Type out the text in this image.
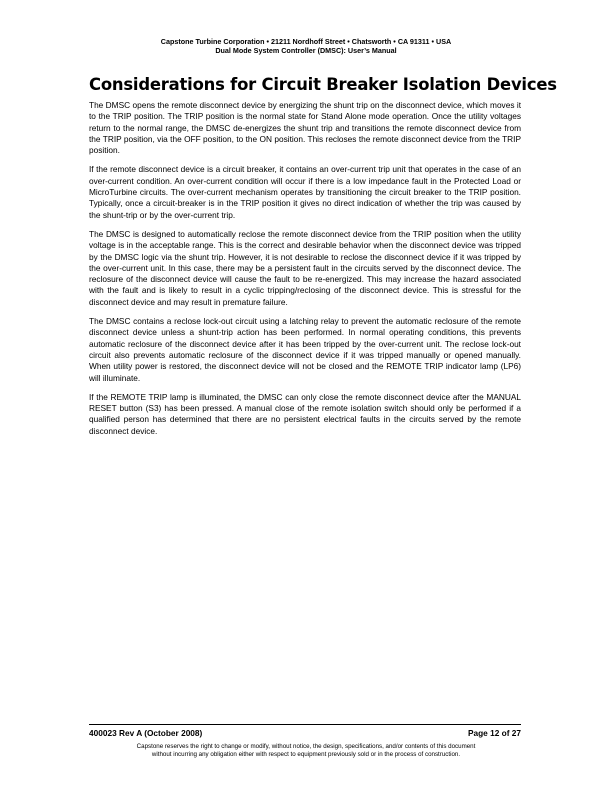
Capstone Turbine Corporation • 21211 Nordhoff Street • Chatsworth • CA 91311 • USA
Dual Mode System Controller (DMSC): User’s Manual
Considerations for Circuit Breaker Isolation Devices

The DMSC opens the remote disconnect device by energizing the shunt trip on the disconnect device, which moves it to the TRIP position. The TRIP position is the normal state for Stand Alone mode operation. Once the utility voltages return to the normal range, the DMSC de-energizes the shunt trip and transitions the remote disconnect device from the TRIP position, via the OFF position, to the ON position. This recloses the remote disconnect device from the TRIP position.

If the remote disconnect device is a circuit breaker, it contains an over-current trip unit that operates in the case of an over-current condition. An over-current condition will occur if there is a low impedance fault in the Protected Load or MicroTurbine circuits. The over-current mechanism operates by transitioning the circuit breaker to the TRIP position. Typically, once a circuit-breaker is in the TRIP position it gives no direct indication of whether the trip was caused by the shunt-trip or by the over-current trip.

The DMSC is designed to automatically reclose the remote disconnect device from the TRIP position when the utility voltage is in the acceptable range. This is the correct and desirable behavior when the disconnect device was tripped by the DMSC logic via the shunt trip. However, it is not desirable to reclose the disconnect device if it was tripped by the over-current unit. In this case, there may be a persistent fault in the circuits served by the disconnect device. The reclosure of the disconnect device will cause the fault to be re-energized. This may increase the hazard associated with the fault and is likely to result in a cyclic tripping/reclosing of the disconnect device. This is stressful for the disconnect device and may result in premature failure.

The DMSC contains a reclose lock-out circuit using a latching relay to prevent the automatic reclosure of the remote disconnect device unless a shunt-trip action has been performed. In normal operating conditions, this prevents automatic reclosure of the disconnect device after it has been tripped by the over-current unit. The reclose lock-out circuit also prevents automatic reclosure of the disconnect device if it was tripped manually or opened manually. When utility power is restored, the disconnect device will not be closed and the REMOTE TRIP indicator lamp (LP6) will illuminate.

If the REMOTE TRIP lamp is illuminated, the DMSC can only close the remote disconnect device after the MANUAL RESET button (S3) has been pressed. A manual close of the remote isolation switch should only be performed if a qualified person has determined that there are no persistent electrical faults in the circuits served by the remote disconnect device.

400023 Rev A (October 2008)	Page 12 of 27
Capstone reserves the right to change or modify, without notice, the design, specifications, and/or contents of this document
without incurring any obligation either with respect to equipment previously sold or in the process of construction.
